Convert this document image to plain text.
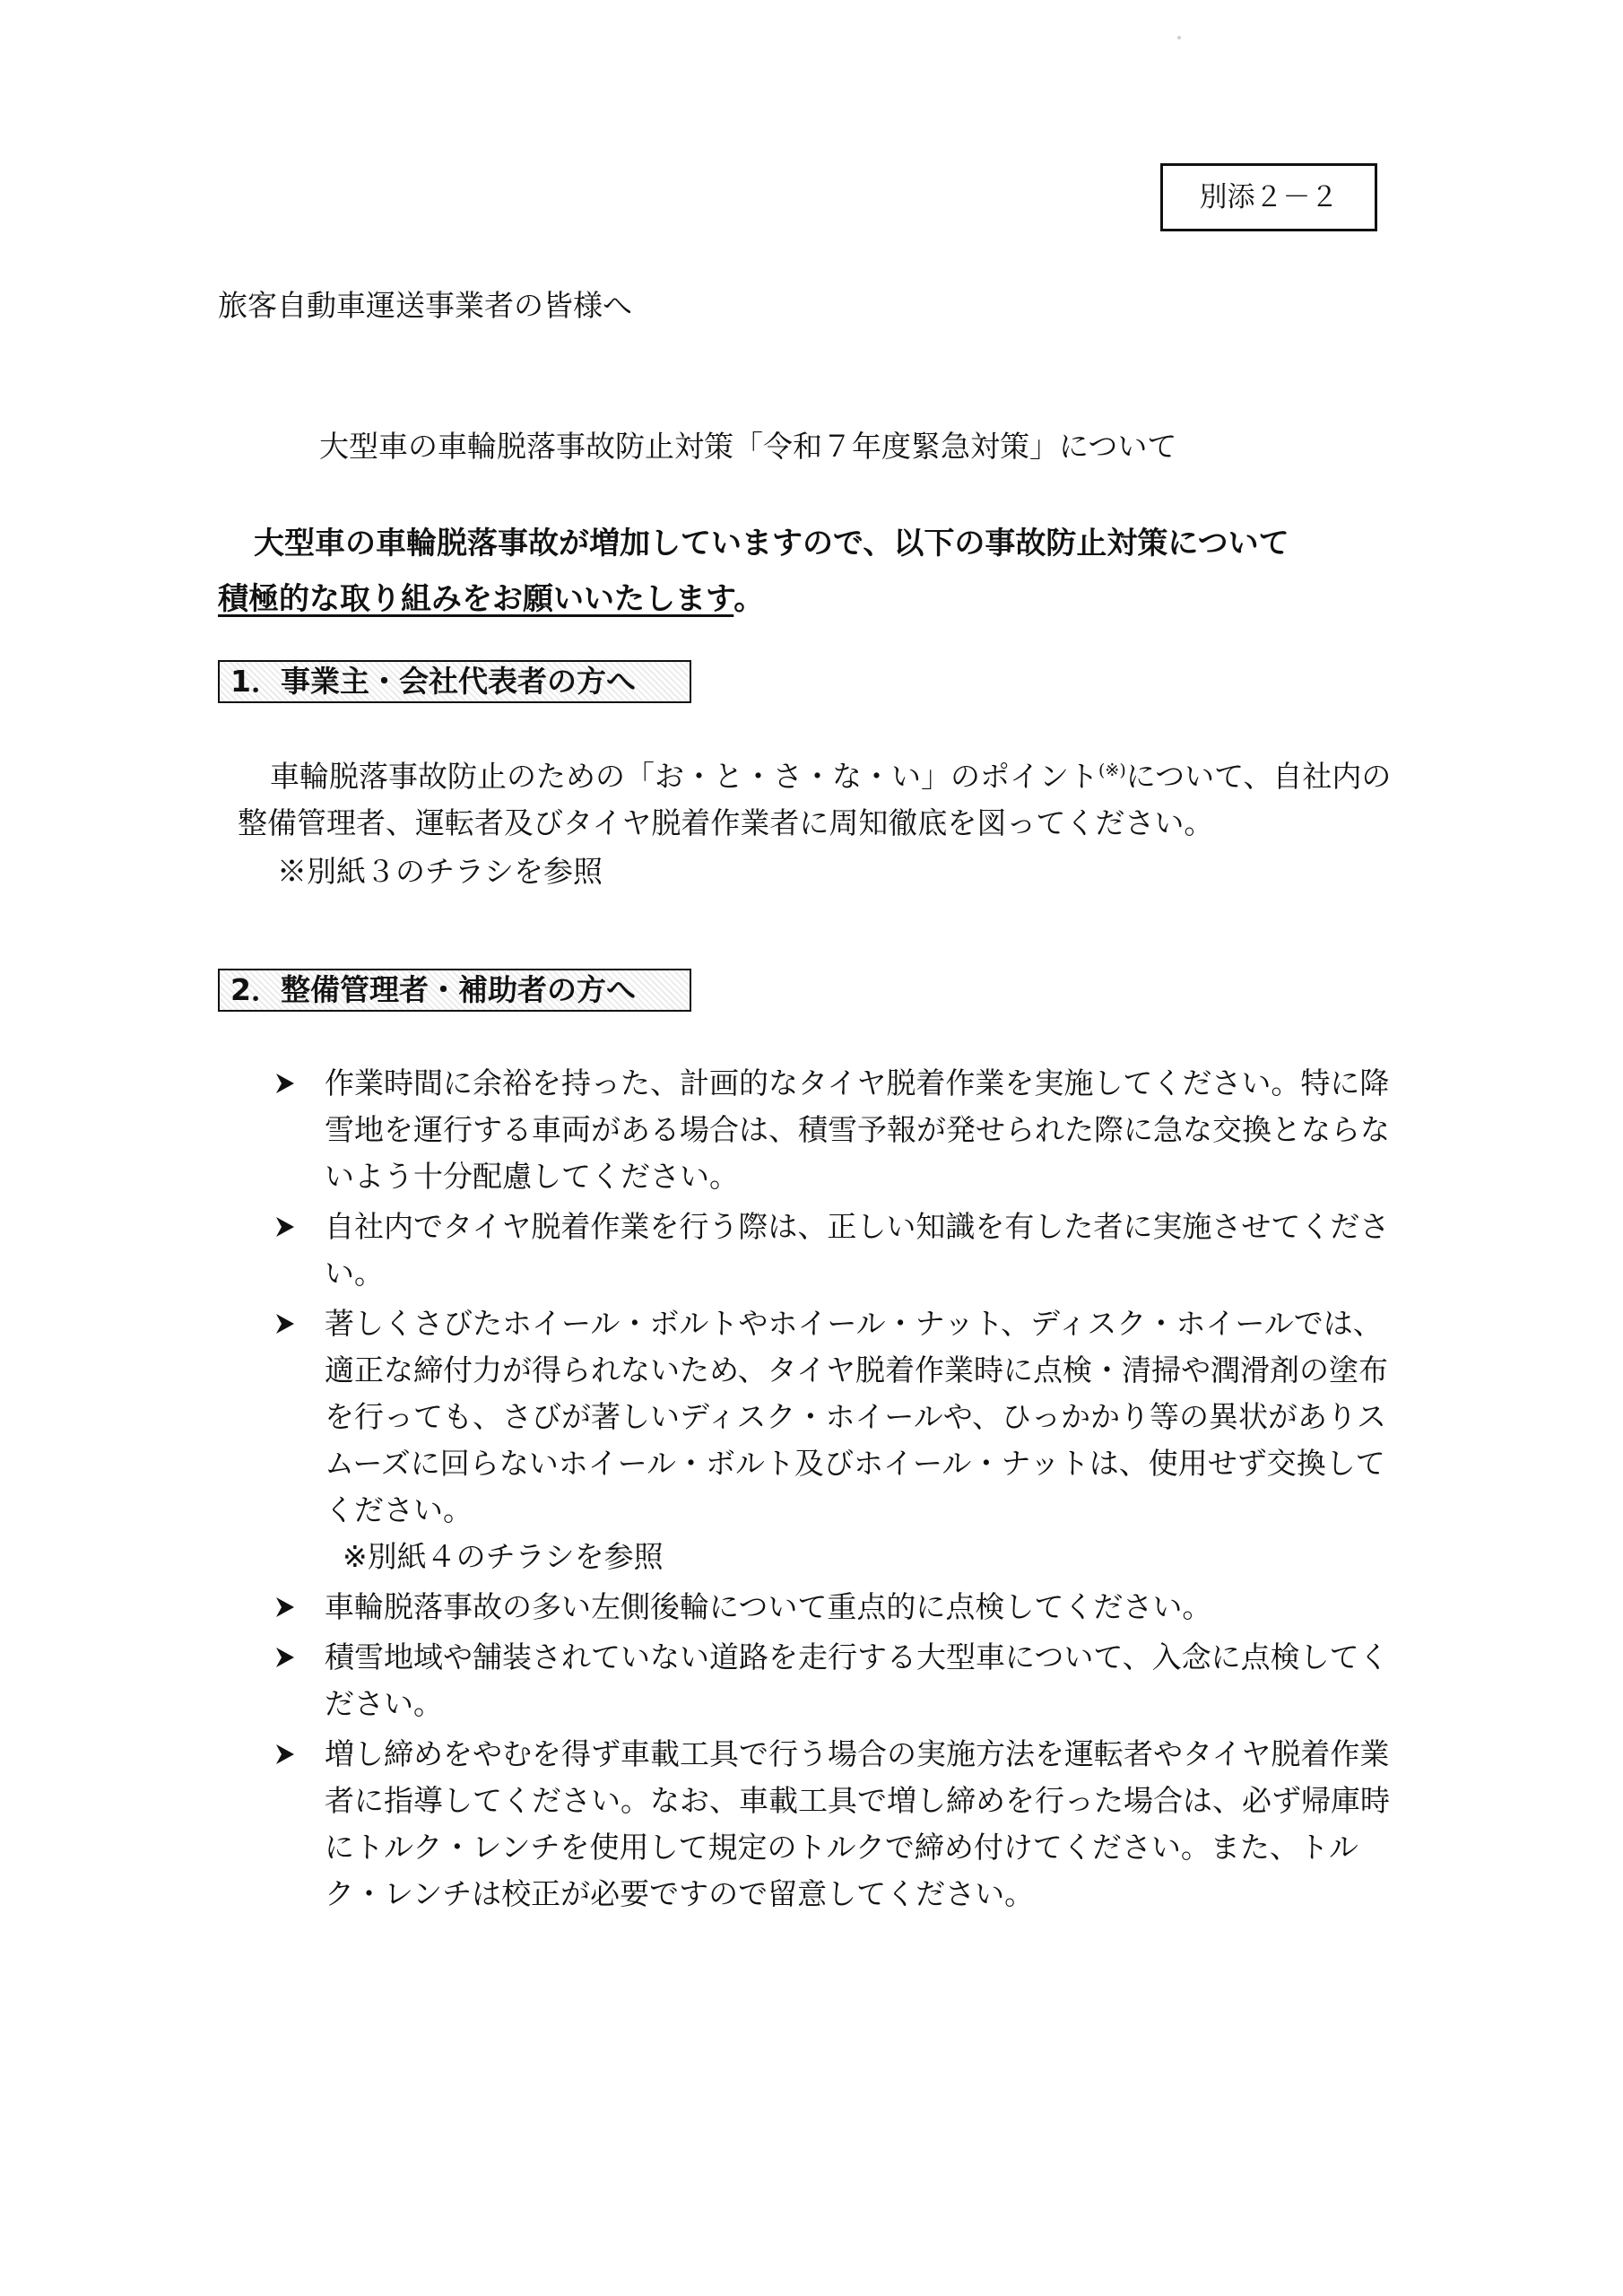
別添２－２
旅客自動車運送事業者の皆様へ
大型車の車輪脱落事故防止対策「令和７年度緊急対策」について

大型車の車輪脱落事故が増加していますので、以下の事故防止対策について

積極的な取り組みをお願いいたします。

1．事業主・会社代表者の方へ

車輪脱落事故防止のための「お・と・さ・な・い」のポイント(※)について、自社内の整備管理者、運転者及びタイヤ脱着作業者に周知徹底を図ってください。

※別紙３のチラシを参照

2．整備管理者・補助者の方へ
作業時間に余裕を持った、計画的なタイヤ脱着作業を実施してください。特に降雪地を運行する車両がある場合は、積雪予報が発せられた際に急な交換とならないよう十分配慮してください。
自社内でタイヤ脱着作業を行う際は、正しい知識を有した者に実施させてください。
著しくさびたホイール・ボルトやホイール・ナット、ディスク・ホイールでは、適正な締付力が得られないため、タイヤ脱着作業時に点検・清掃や潤滑剤の塗布を行っても、さびが著しいディスク・ホイールや、ひっかかり等の異状がありスムーズに回らないホイール・ボルト及びホイール・ナットは、使用せず交換してください。
※別紙４のチラシを参照
車輪脱落事故の多い左側後輪について重点的に点検してください。
積雪地域や舗装されていない道路を走行する大型車について、入念に点検してください。
増し締めをやむを得ず車載工具で行う場合の実施方法を運転者やタイヤ脱着作業者に指導してください。なお、車載工具で増し締めを行った場合は、必ず帰庫時にトルク・レンチを使用して規定のトルクで締め付けてください。また、トルク・レンチは校正が必要ですので留意してください。
